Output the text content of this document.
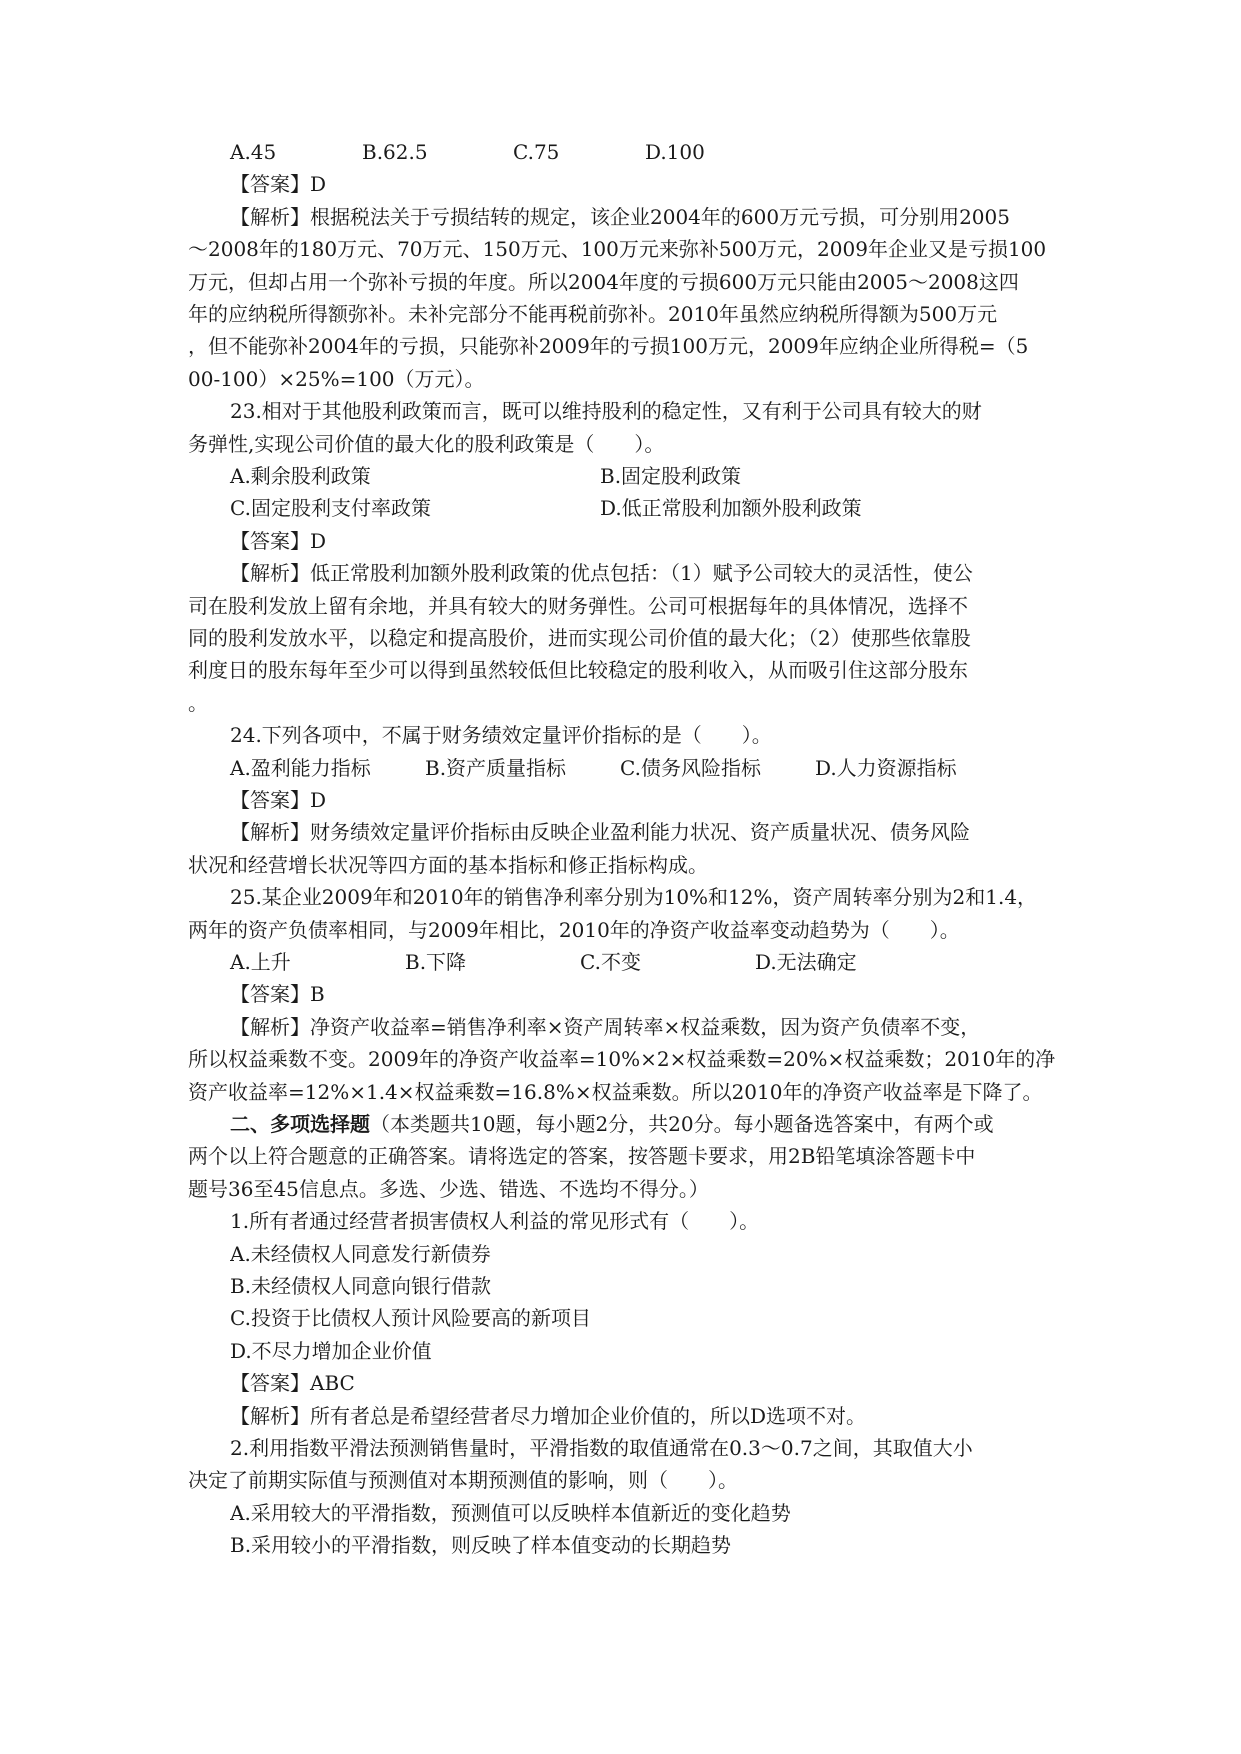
A.45	B.62.5	C.75	D.100
【答案】D
【解析】根据税法关于亏损结转的规定，该企业2004年的600万元亏损，可分别用2005
～2008年的180万元、70万元、150万元、100万元来弥补500万元，2009年企业又是亏损100
万元，但却占用一个弥补亏损的年度。所以2004年度的亏损600万元只能由2005～2008这四
年的应纳税所得额弥补。未补完部分不能再税前弥补。2010年虽然应纳税所得额为500万元
，但不能弥补2004年的亏损，只能弥补2009年的亏损100万元，2009年应纳企业所得税=（5
00-100）×25%=100（万元）。
23.相对于其他股利政策而言，既可以维持股利的稳定性，又有利于公司具有较大的财
务弹性,实现公司价值的最大化的股利政策是（　　）。
A.剩余股利政策	B.固定股利政策
C.固定股利支付率政策	D.低正常股利加额外股利政策
【答案】D
【解析】低正常股利加额外股利政策的优点包括：（1）赋予公司较大的灵活性，使公
司在股利发放上留有余地，并具有较大的财务弹性。公司可根据每年的具体情况，选择不
同的股利发放水平，以稳定和提高股价，进而实现公司价值的最大化；（2）使那些依靠股
利度日的股东每年至少可以得到虽然较低但比较稳定的股利收入，从而吸引住这部分股东
。
24.下列各项中，不属于财务绩效定量评价指标的是（　　）。
A.盈利能力指标	B.资产质量指标	C.债务风险指标	D.人力资源指标
【答案】D
【解析】财务绩效定量评价指标由反映企业盈利能力状况、资产质量状况、债务风险
状况和经营增长状况等四方面的基本指标和修正指标构成。
25.某企业2009年和2010年的销售净利率分别为10%和12%，资产周转率分别为2和1.4，
两年的资产负债率相同，与2009年相比，2010年的净资产收益率变动趋势为（　　）。
A.上升	B.下降	C.不变	D.无法确定
【答案】B
【解析】净资产收益率=销售净利率×资产周转率×权益乘数，因为资产负债率不变，
所以权益乘数不变。2009年的净资产收益率=10%×2×权益乘数=20%×权益乘数；2010年的净
资产收益率=12%×1.4×权益乘数=16.8%×权益乘数。所以2010年的净资产收益率是下降了。
二、多项选择题（本类题共10题，每小题2分，共20分。每小题备选答案中，有两个或
两个以上符合题意的正确答案。请将选定的答案，按答题卡要求，用2B铅笔填涂答题卡中
题号36至45信息点。多选、少选、错选、不选均不得分。）
1.所有者通过经营者损害债权人利益的常见形式有（　　）。
A.未经债权人同意发行新债券
B.未经债权人同意向银行借款
C.投资于比债权人预计风险要高的新项目
D.不尽力增加企业价值
【答案】ABC
【解析】所有者总是希望经营者尽力增加企业价值的，所以D选项不对。
2.利用指数平滑法预测销售量时，平滑指数的取值通常在0.3～0.7之间，其取值大小
决定了前期实际值与预测值对本期预测值的影响，则（　　）。
A.采用较大的平滑指数，预测值可以反映样本值新近的变化趋势
B.采用较小的平滑指数，则反映了样本值变动的长期趋势
